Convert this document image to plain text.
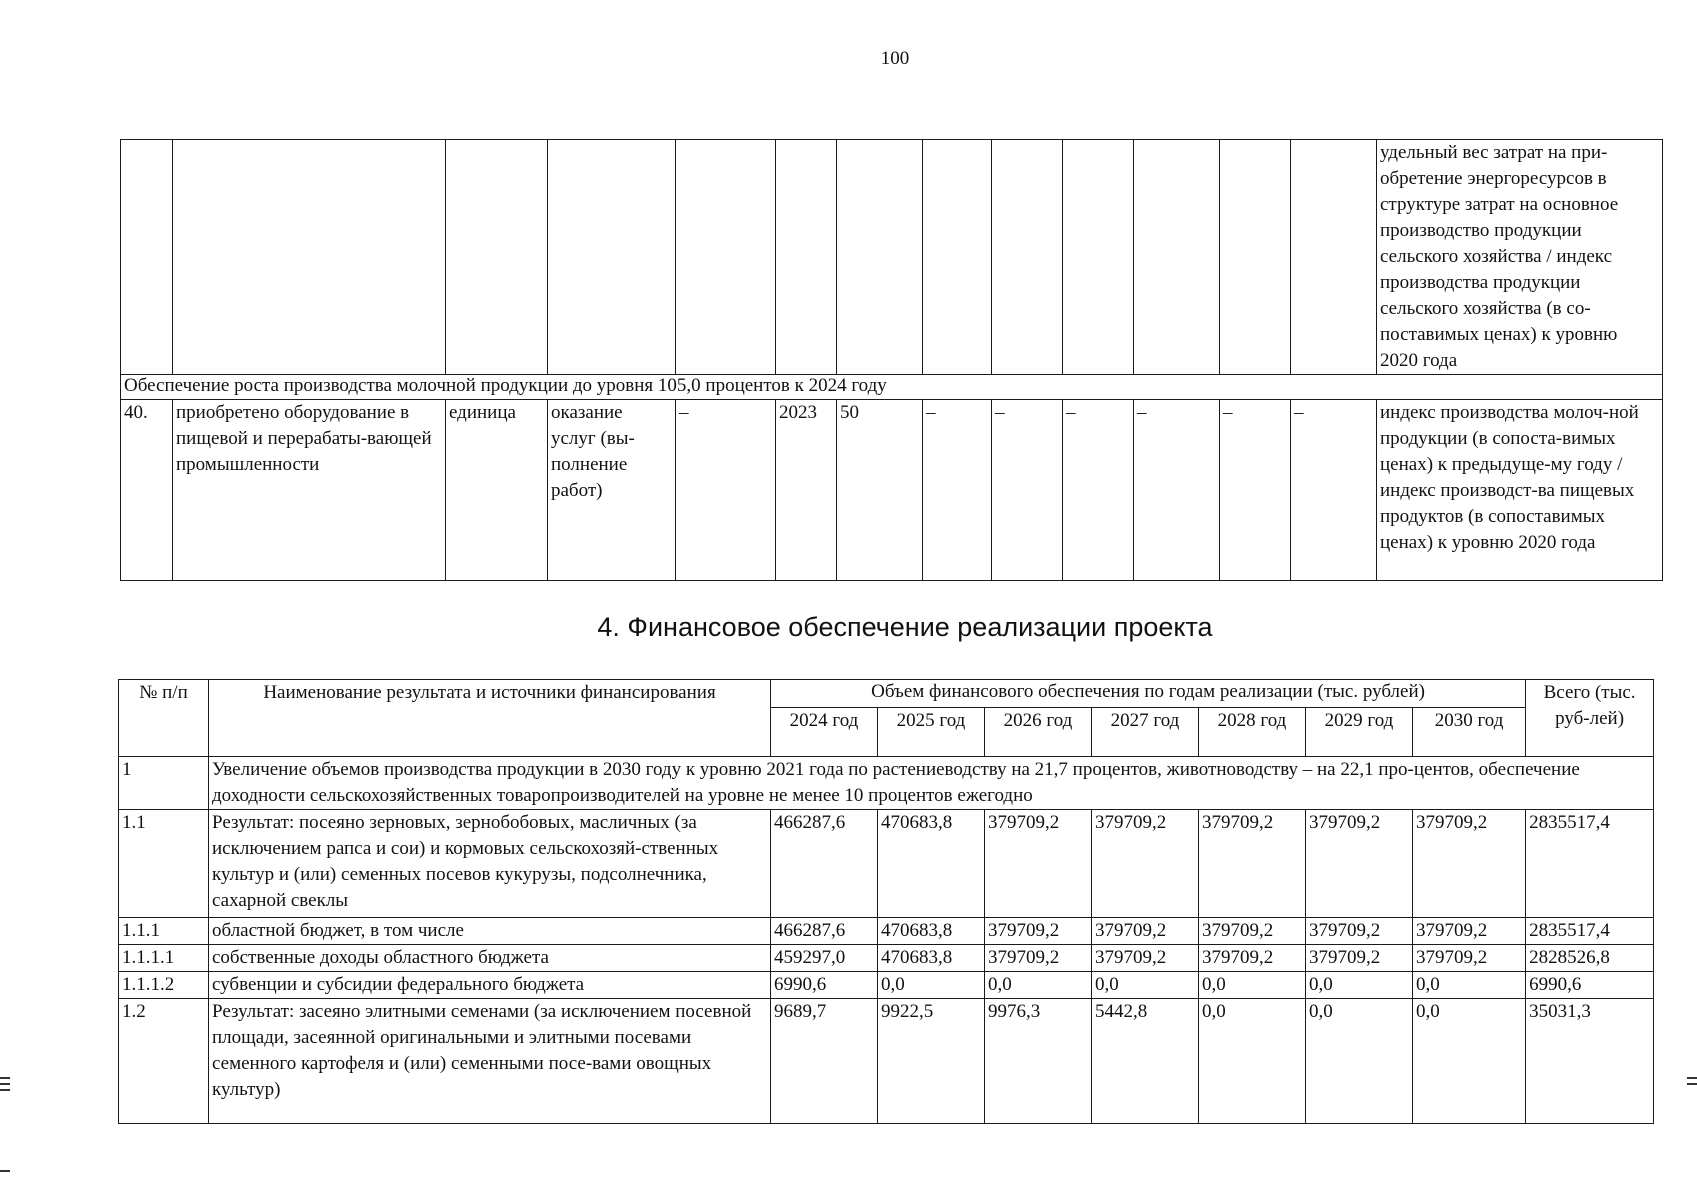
100
													удельный вес затрат на при-обретение энергоресурсов в структуре затрат на основное производство продукции сельского хозяйства / индекс производства продукции сельского хозяйства (в со-поставимых ценах) к уровню 2020 года
Обеспечение роста производства молочной продукции до уровня 105,0 процентов к 2024 году													
40.	приобретено оборудование в пищевой и перерабаты-вающей промышленности	единица	оказание услуг (вы-полнение работ)	–	2023	50	–	–	–	–	–	–	индекс производства молоч-ной продукции (в сопоста-вимых ценах) к предыдуще-му году / индекс производст-ва пищевых продуктов (в сопоставимых ценах) к уровню 2020 года
4. Финансовое обеспечение реализации проекта
№ п/п	Наименование результата и источники финансирования	Объем финансового обеспечения по годам реализации (тыс. рублей)							Всего (тыс. руб-лей)
		2024 год	2025 год	2026 год	2027 год	2028 год	2029 год	2030 год	
1	Увеличение объемов производства продукции в 2030 году к уровню 2021 года по растениеводству на 21,7 процентов, животноводству – на 22,1 про-центов, обеспечение доходности сельскохозяйственных товаропроизводителей на уровне не менее 10 процентов ежегодно								
1.1	Результат: посеяно зерновых, зернобобовых, масличных (за исключением рапса и сои) и кормовых сельскохозяй-ственных культур и (или) семенных посевов кукурузы, подсолнечника, сахарной свеклы	466287,6	470683,8	379709,2	379709,2	379709,2	379709,2	379709,2	2835517,4
1.1.1	областной бюджет, в том числе	466287,6	470683,8	379709,2	379709,2	379709,2	379709,2	379709,2	2835517,4
1.1.1.1	собственные доходы областного бюджета	459297,0	470683,8	379709,2	379709,2	379709,2	379709,2	379709,2	2828526,8
1.1.1.2	субвенции и субсидии федерального бюджета	6990,6	0,0	0,0	0,0	0,0	0,0	0,0	6990,6
1.2	Результат: засеяно элитными семенами (за исключением посевной площади, засеянной оригинальными и элитными посевами семенного картофеля и (или) семенными посе-вами овощных культур)	9689,7	9922,5	9976,3	5442,8	0,0	0,0	0,0	35031,3
